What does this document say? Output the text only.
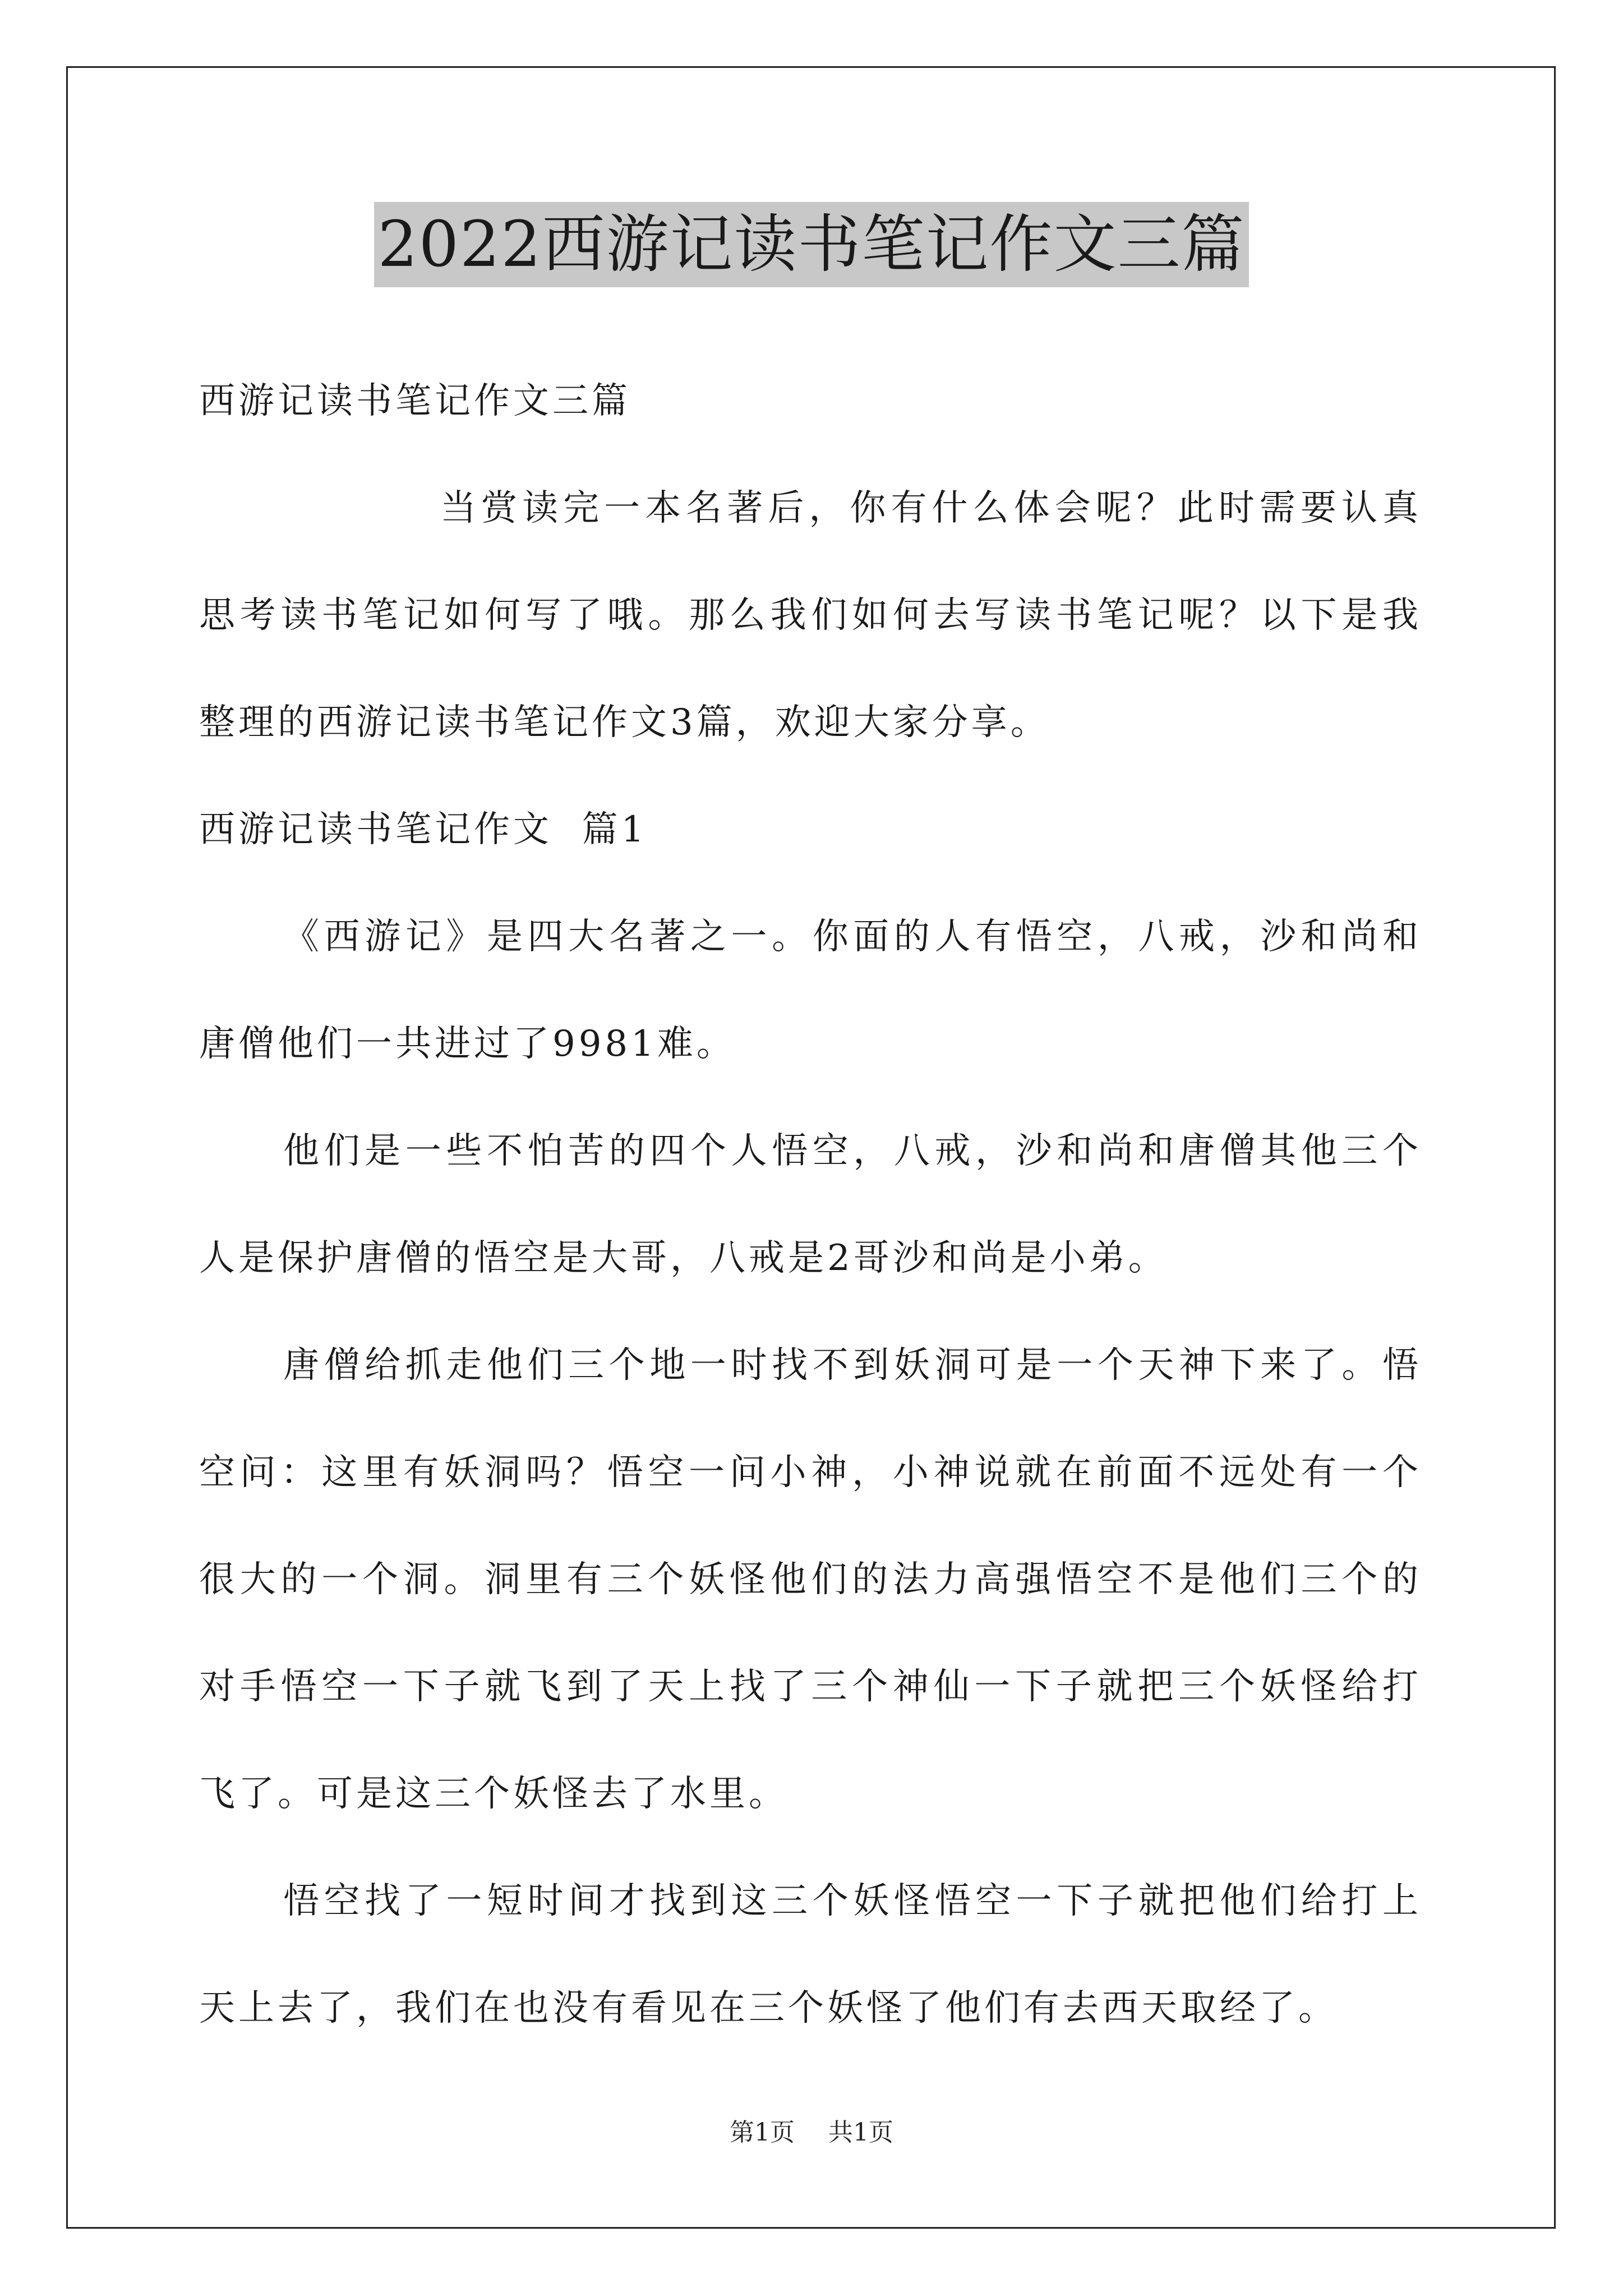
2022西游记读书笔记作文三篇
西游记读书笔记作文三篇
当赏读完一本名著后，你有什么体会呢？此时需要认真
思考读书笔记如何写了哦。那么我们如何去写读书笔记呢？以下是我
整理的西游记读书笔记作文3篇，欢迎大家分享。
西游记读书笔记作文  篇1
《西游记》是四大名著之一。你面的人有悟空，八戒，沙和尚和
唐僧他们一共进过了9981难。
他们是一些不怕苦的四个人悟空，八戒，沙和尚和唐僧其他三个
人是保护唐僧的悟空是大哥，八戒是2哥沙和尚是小弟。
唐僧给抓走他们三个地一时找不到妖洞可是一个天神下来了。悟
空问：这里有妖洞吗？悟空一问小神，小神说就在前面不远处有一个
很大的一个洞。洞里有三个妖怪他们的法力高强悟空不是他们三个的
对手悟空一下子就飞到了天上找了三个神仙一下子就把三个妖怪给打
飞了。可是这三个妖怪去了水里。
悟空找了一短时间才找到这三个妖怪悟空一下子就把他们给打上
天上去了，我们在也没有看见在三个妖怪了他们有去西天取经了。
第1页 共1页
